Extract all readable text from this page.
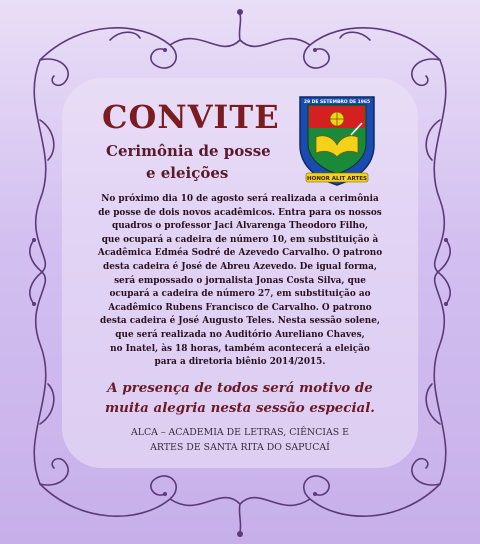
CONVITE
Cerimônia de posse
e eleições
29 DE SETEMBRO DE 1965
HONOR ALIT ARTES
No próximo dia 10 de agosto será realizada a cerimônia
de posse de dois novos acadêmicos. Entra para os nossos
quadros o professor Jaci Alvarenga Theodoro Filho,
que ocupará a cadeira de número 10, em substituição à
Acadêmica Edméa Sodré de Azevedo Carvalho. O patrono
desta cadeira é José de Abreu Azevedo. De igual forma,
será empossado o jornalista Jonas Costa Silva, que
ocupará a cadeira de número 27, em substituição ao
Acadêmico Rubens Francisco de Carvalho. O patrono
desta cadeira é José Augusto Teles. Nesta sessão solene,
que será realizada no Auditório Aureliano Chaves,
no Inatel, às 18 horas, também acontecerá a eleição
para a diretoria biênio 2014/2015.
A presença de todos será motivo de
muita alegria nesta sessão especial.
ALCA – ACADEMIA DE LETRAS, CIÊNCIAS E
ARTES DE SANTA RITA DO SAPUCAÍ
